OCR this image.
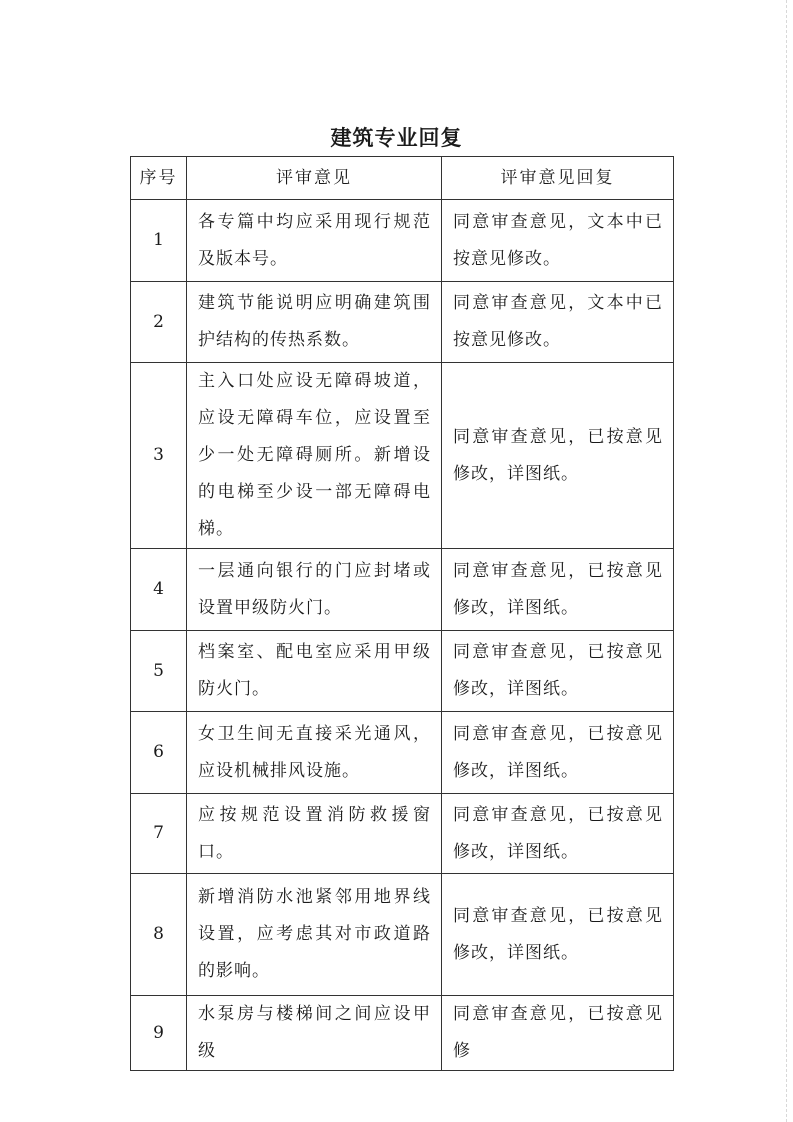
建筑专业回复
序号	评审意见	评审意见回复
1	各专篇中均应采用现行规范及版本号。	同意审查意见，文本中已按意见修改。
2	建筑节能说明应明确建筑围护结构的传热系数。	同意审查意见，文本中已按意见修改。
3	主入口处应设无障碍坡道，应设无障碍车位，应设置至少一处无障碍厕所。新增设的电梯至少设一部无障碍电梯。	同意审查意见，已按意见修改，详图纸。
4	一层通向银行的门应封堵或设置甲级防火门。	同意审查意见，已按意见修改，详图纸。
5	档案室、配电室应采用甲级防火门。	同意审查意见，已按意见修改，详图纸。
6	女卫生间无直接采光通风，应设机械排风设施。	同意审查意见，已按意见修改，详图纸。
7	应按规范设置消防救援窗口。	同意审查意见，已按意见修改，详图纸。
8	新增消防水池紧邻用地界线设置，应考虑其对市政道路的影响。	同意审查意见，已按意见修改，详图纸。
9	水泵房与楼梯间之间应设甲级	同意审查意见，已按意见修
